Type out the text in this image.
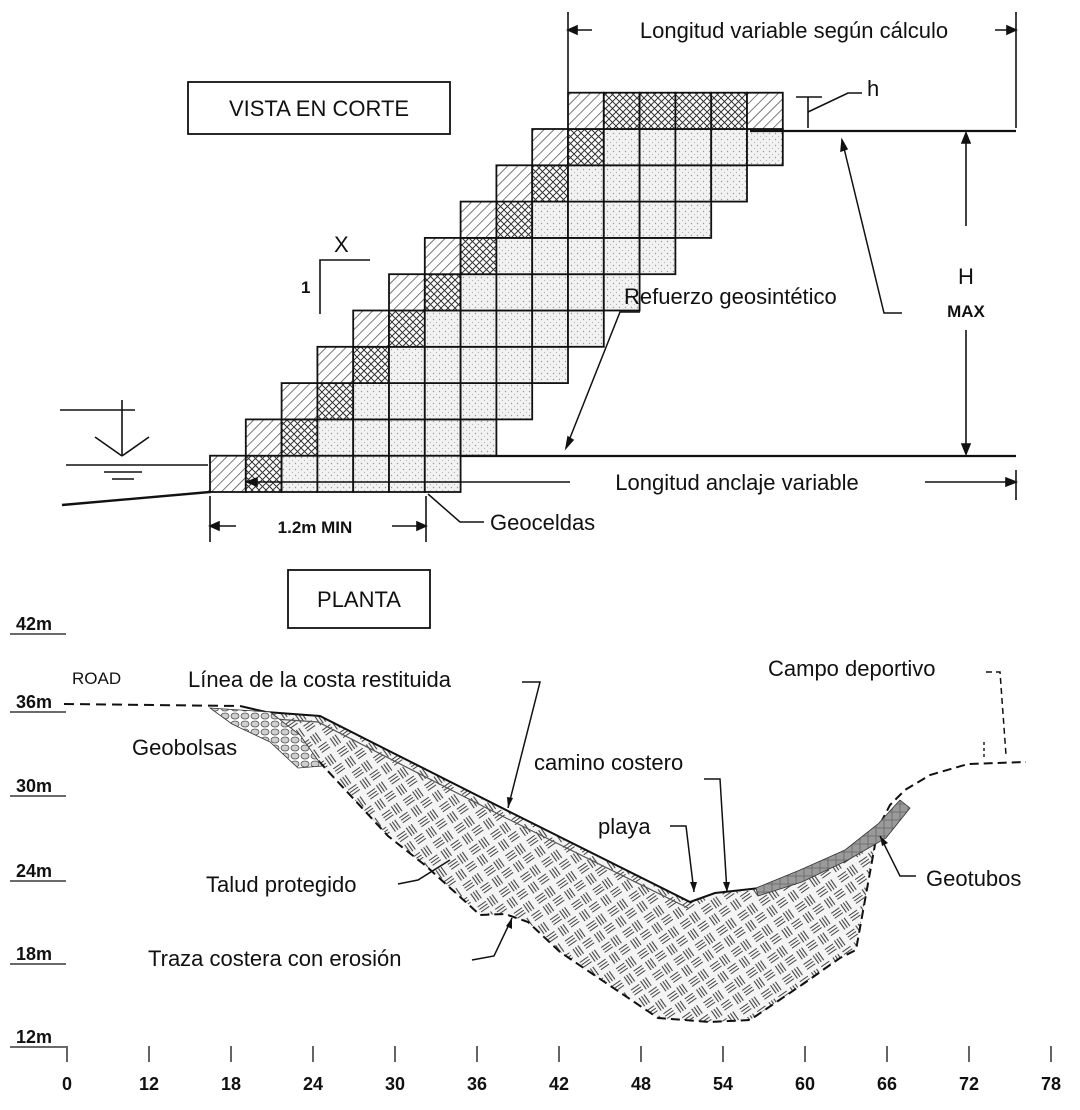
VISTA EN CORTE
Longitud variable según cálculo
h
H
MAX
X
1	Refuerzo geosintético
Longitud anclaje variable
1.2m MIN	Geoceldas
PLANTA
ROAD	Línea de la costa restituida	Campo deportivo
Geobolsas
camino costero
playa
Talud protegido	Geotubos
Traza costera con erosión
42m
36m
30m
24m
18m
12m
0	12	18	24	30	36	42	48	54	60	66	72	78
